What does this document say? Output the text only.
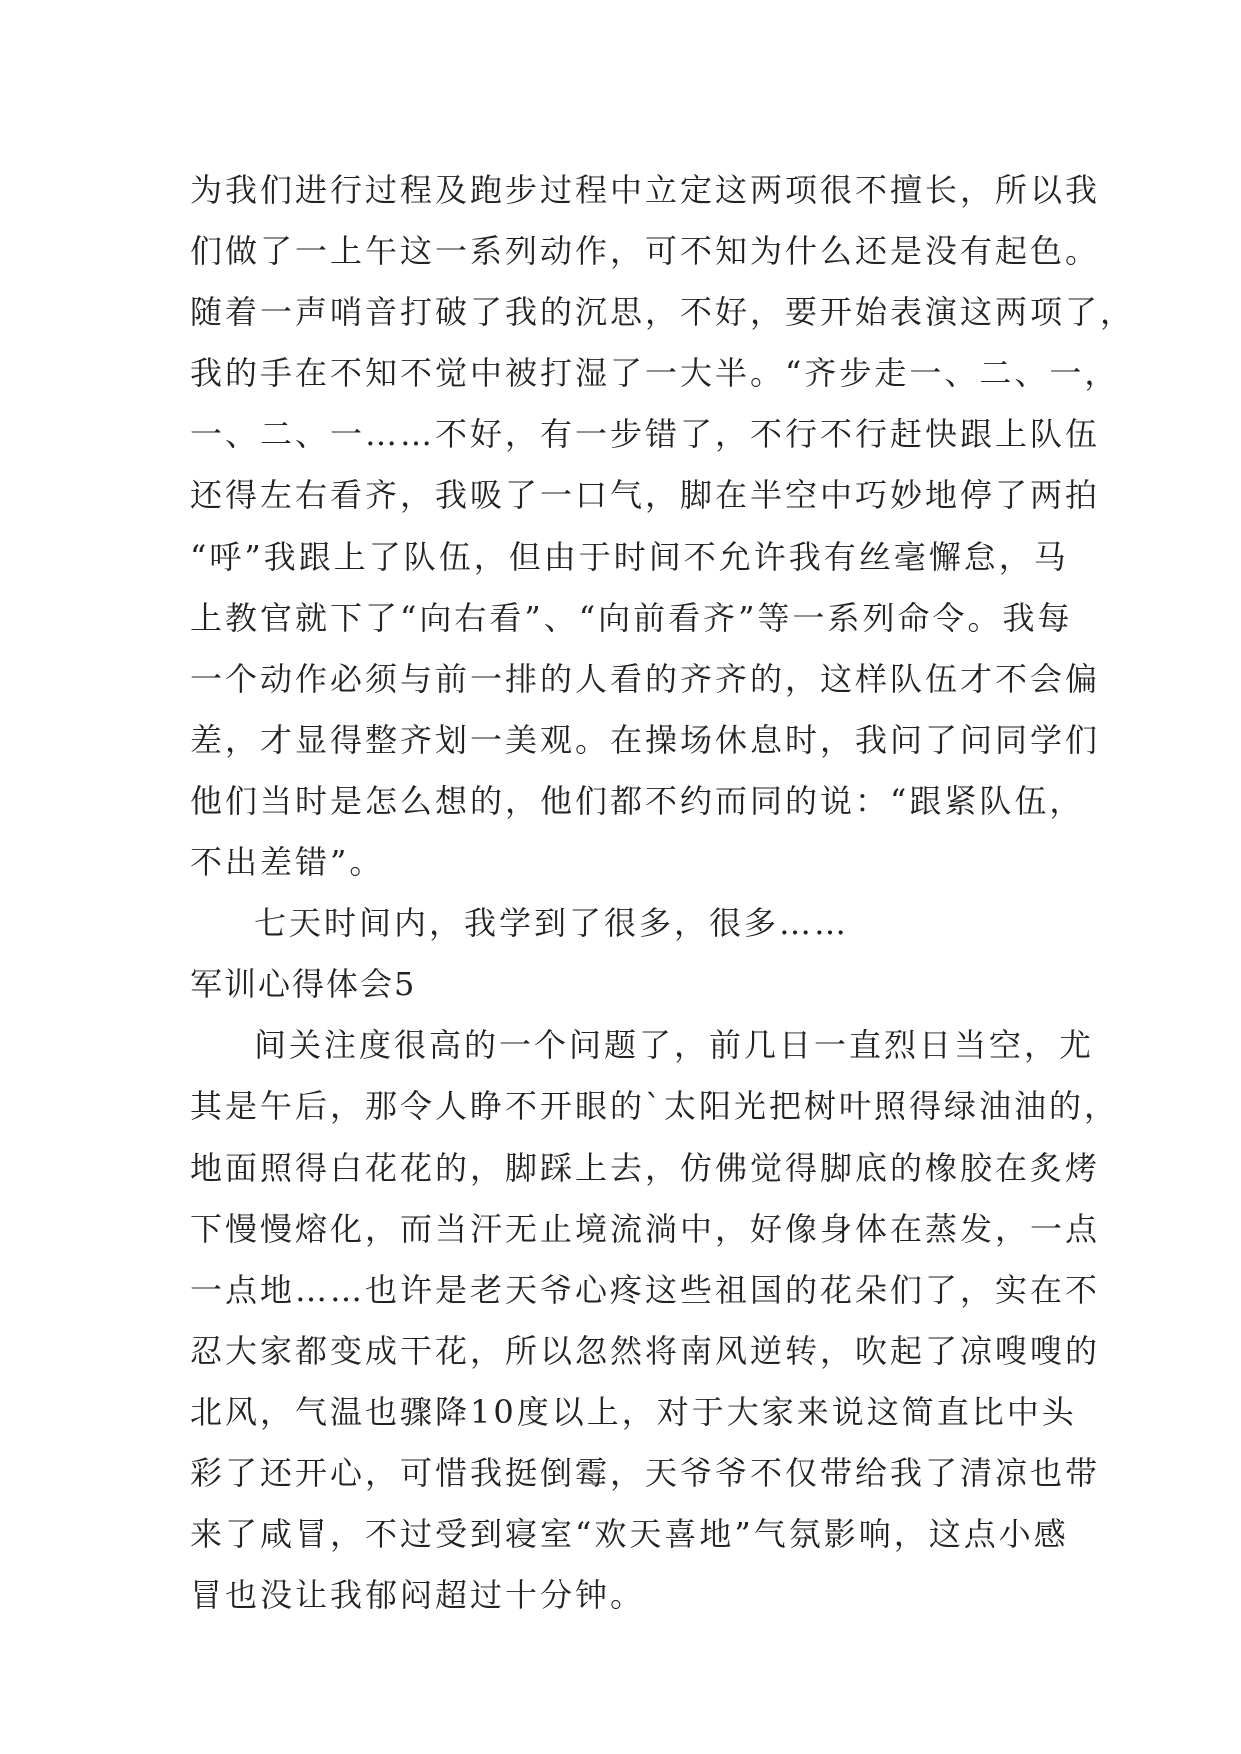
为我们进行过程及跑步过程中立定这两项很不擅长，所以我
们做了一上午这一系列动作，可不知为什么还是没有起色。
随着一声哨音打破了我的沉思，不好，要开始表演这两项了，
我的手在不知不觉中被打湿了一大半。“齐步走一、二、一，
一、二、一……不好，有一步错了，不行不行赶快跟上队伍
还得左右看齐，我吸了一口气，脚在半空中巧妙地停了两拍
“呼”我跟上了队伍，但由于时间不允许我有丝毫懈怠，马
上教官就下了“向右看”、“向前看齐”等一系列命令。我每
一个动作必须与前一排的人看的齐齐的，这样队伍才不会偏
差，才显得整齐划一美观。在操场休息时，我问了问同学们
他们当时是怎么想的，他们都不约而同的说：“跟紧队伍，
不出差错”。
七天时间内，我学到了很多，很多……
军训心得体会5
间关注度很高的一个问题了，前几日一直烈日当空，尤
其是午后，那令人睁不开眼的`太阳光把树叶照得绿油油的，
地面照得白花花的，脚踩上去，仿佛觉得脚底的橡胶在炙烤
下慢慢熔化，而当汗无止境流淌中，好像身体在蒸发，一点
一点地……也许是老天爷心疼这些祖国的花朵们了，实在不
忍大家都变成干花，所以忽然将南风逆转，吹起了凉嗖嗖的
北风，气温也骤降10度以上，对于大家来说这简直比中头
彩了还开心，可惜我挺倒霉，天爷爷不仅带给我了清凉也带
来了咸冒，不过受到寝室“欢天喜地”气氛影响，这点小感
冒也没让我郁闷超过十分钟。
